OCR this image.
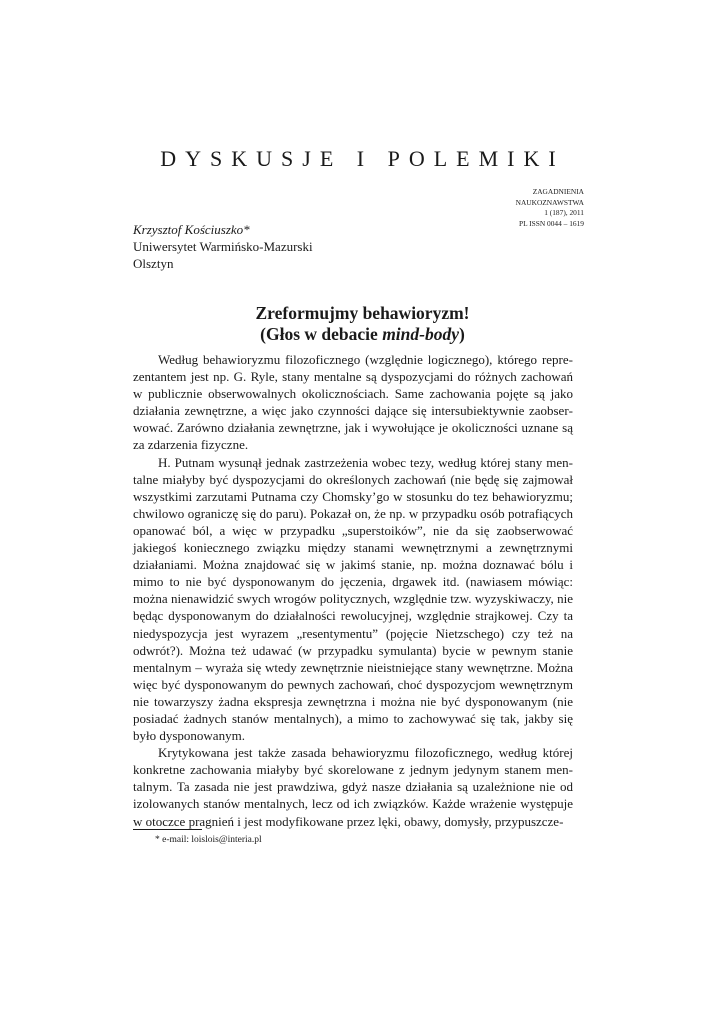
DYSKUSJE I POLEMIKI
ZAGADNIENIA
NAUKOZNAWSTWA
1 (187), 2011
PL ISSN 0044 – 1619
Krzysztof Kościuszko*
Uniwersytet Warmińsko-Mazurski
Olsztyn
Zreformujmy behawioryzm!
(Głos w debacie mind-body)

Według behawioryzmu filozoficznego (względnie logicznego), którego reprezentantem jest np. G. Ryle, stany mentalne są dyspozycjami do różnych zachowań w publicznie obserwowalnych okolicznościach. Same zachowania pojęte są jako działania zewnętrzne, a więc jako czynności dające się intersubiektywnie zaobserwować. Zarówno działania zewnętrzne, jak i wywołujące je okoliczności uznane są za zdarzenia fizyczne.

H. Putnam wysunął jednak zastrzeżenia wobec tezy, według której stany mentalne miałyby być dyspozycjami do określonych zachowań (nie będę się zajmował wszystkimi zarzutami Putnama czy Chomsky’go w stosunku do tez behawioryzmu; chwilowo ograniczę się do paru). Pokazał on, że np. w przypadku osób potrafiących opanować ból, a więc w przypadku „superstoików”, nie da się zaobserwować jakiegoś koniecznego związku między stanami wewnętrznymi a zewnętrznymi działaniami. Można znajdować się w jakimś stanie, np. można doznawać bólu i mimo to nie być dysponowanym do jęczenia, drgawek itd. (nawiasem mówiąc: można nienawidzić swych wrogów politycznych, względnie tzw. wyzyskiwaczy, nie będąc dysponowanym do działalności rewolucyjnej, względnie strajkowej. Czy ta niedyspozycja jest wyrazem „resentymentu” (pojęcie Nietzschego) czy też na odwrót?). Można też udawać (w przypadku symulanta) bycie w pewnym stanie mentalnym – wyraża się wtedy zewnętrznie nieistniejące stany wewnętrzne. Można więc być dysponowanym do pewnych zachowań, choć dyspozycjom wewnętrznym nie towarzyszy żadna ekspresja zewnętrzna i można nie być dysponowanym (nie posiadać żadnych stanów mentalnych), a mimo to zachowywać się tak, jakby się było dysponowanym.

Krytykowana jest także zasada behawioryzmu filozoficznego, według której konkretne zachowania miałyby być skorelowane z jednym jedynym stanem mentalnym. Ta zasada nie jest prawdziwa, gdyż nasze działania są uzależnione nie od izolowanych stanów mentalnych, lecz od ich związków. Każde wrażenie występuje w otoczce pragnień i jest modyfikowane przez lęki, obawy, domysły, przypuszcze-

* e-mail: loislois@interia.pl
